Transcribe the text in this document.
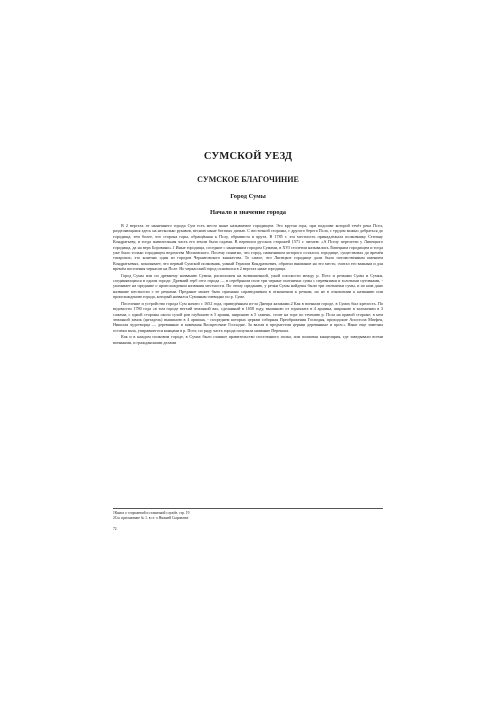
СУМСКОЙ УЕЗД
СУМСКОЕ БЛАГОЧИНИЕ
Город Сумы
Начало и значение города

В 2 верстах от нынешнего города Сум есть место ныне называемое городищем. Это крутая гора, при подошве которой течёт река Псел, разделяющаяся здесь на несколько рукавов, весною ныне богатых дичью. С восточной стороны, с другого берега Псла, с трудом можно добраться до городища, тем более, что сторона горы, обращённая к Пслу, обрывиста и крута. В 1785 г. эта местность принадлежала полковнику Степану Кондратьеву, и тогда значительная часть его земли была садами. В перепиcи русских сторожей 1571 г. читаем: «А Пселу перелезти у Липецкого городища, да на верх Боровино».1 Иные городища, соседние с нынешним городом Сумами, в XVI столетии назывались Липецким городищем и тогда уже было только городищем ведомства Московского. Посему понятно, что город, памятником которого осталось городище, существовал до времён татарских; это конечно один из городов Черниговского княжества. То самое, что Липецкое городище дали было потомственным имением Кондратьевых, показывает, что первый Сумской полковник, умный Герасим Кондратьевич, обратил внимание на это место, считал его важным и для времён поселения черкасов на Псле. Но черкасский город основался в 2 верстах ниже городища.

Город Сумы или по древнему названию Сумин, расположен на возвышенной, ужой плоскости между р. Псел и речками Сумы и Сумки, соединяющихся в одном городе. Древний герб сего города — в серебряном поле три черные охотничьи сумы с перевязями и золотыми путовками, - указывает на предание о происхождении названия местности. По этому преданию, у речки Сумы найдены были три охотничьи сумы, и по ним дано название местности с ее речками. Предание может быть признано справедливым в отношении к речкам, но не в отношении к названию или происхождению города, который назвался Суминым очевидно по р. Суме.

Поселение и устройство города Сум начато с 1652 года, приведённым из-за Днепра казаками.2 Как в военном городе, в Сумах был крепость. По ведомости 1780 года «в том городе ветхий земляной вал, сделанный в 1658 году, вышиною от горизонта в 4 аршина, шириною в заложении в 3 сажени, с одной стороны около сухой ров глубиною в 5 аршин, шириною в 5 сажень, стоит на горе по течению р. Псла на правой стороне; в нем земляной замок (цитадель) вышиною в 4 аршина, - посреднем которых церкви соборная Преображения Господня, приходские Апостола Матфея, Николая чудотворца — деревянные и каменная Воскресение Господне. За валом в предместии церкви деревянные и проч.» Ныне еще заметны остатки вала, упиравшегося концами в р. Псел; по ряду часть города получила название Перекопа.

Как и в каждом полковом городе, в Сумах было главное правительство поселенного полка, или полковая канцелярия, где заведывали всеми военными, и гражданскими делами

1Книга о сторожевой и станичной службе, стр. 19
2См. приложение № 1. в ст. о Нижней Сыроватке
72
